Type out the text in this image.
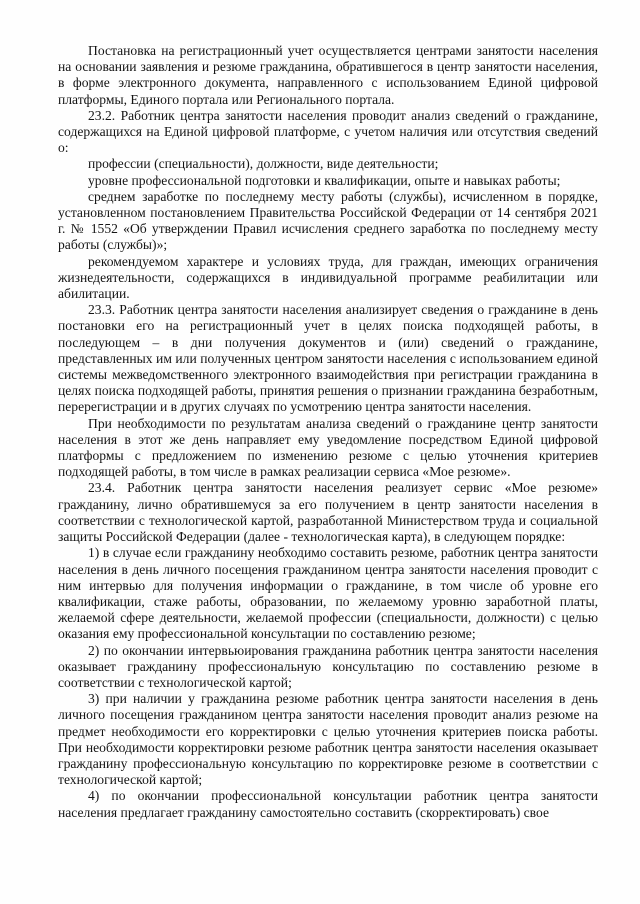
Постановка на регистрационный учет осуществляется центрами занятости населения на основании заявления и резюме гражданина, обратившегося в центр занятости населения, в форме электронного документа, направленного с использованием Единой цифровой платформы, Единого портала или Регионального портала.

23.2. Работник центра занятости населения проводит анализ сведений о гражданине, содержащихся на Единой цифровой платформе, с учетом наличия или отсутствия сведений о:

профессии (специальности), должности, виде деятельности;

уровне профессиональной подготовки и квалификации, опыте и навыках работы;

среднем заработке по последнему месту работы (службы), исчисленном в порядке, установленном постановлением Правительства Российской Федерации от 14 сентября 2021 г. № 1552 «Об утверждении Правил исчисления среднего заработка по последнему месту работы (службы)»;

рекомендуемом характере и условиях труда, для граждан, имеющих ограничения жизнедеятельности, содержащихся в индивидуальной программе реабилитации или абилитации.

23.3. Работник центра занятости населения анализирует сведения о гражданине в день постановки его на регистрационный учет в целях поиска подходящей работы, в последующем – в дни получения документов и (или) сведений о гражданине, представленных им или полученных центром занятости населения с использованием единой системы межведомственного электронного взаимодействия при регистрации гражданина в целях поиска подходящей работы, принятия решения о признании гражданина безработным, перерегистрации и в других случаях по усмотрению центра занятости населения.

При необходимости по результатам анализа сведений о гражданине центр занятости населения в этот же день направляет ему уведомление посредством Единой цифровой платформы с предложением по изменению резюме с целью уточнения критериев подходящей работы, в том числе в рамках реализации сервиса «Мое резюме».

23.4. Работник центра занятости населения реализует сервис «Мое резюме» гражданину, лично обратившемуся за его получением в центр занятости населения в соответствии с технологической картой, разработанной Министерством труда и социальной защиты Российской Федерации (далее - технологическая карта), в следующем порядке:

1) в случае если гражданину необходимо составить резюме, работник центра занятости населения в день личного посещения гражданином центра занятости населения проводит с ним интервью для получения информации о гражданине, в том числе об уровне его квалификации, стаже работы, образовании, по желаемому уровню заработной платы, желаемой сфере деятельности, желаемой профессии (специальности, должности) с целью оказания ему профессиональной консультации по составлению резюме;

2) по окончании интервьюирования гражданина работник центра занятости населения оказывает гражданину профессиональную консультацию по составлению резюме в соответствии с технологической картой;

3) при наличии у гражданина резюме работник центра занятости населения в день личного посещения гражданином центра занятости населения проводит анализ резюме на предмет необходимости его корректировки с целью уточнения критериев поиска работы. При необходимости корректировки резюме работник центра занятости населения оказывает гражданину профессиональную консультацию по корректировке резюме в соответствии с технологической картой;

4) по окончании профессиональной консультации работник центра занятости населения предлагает гражданину самостоятельно составить (скорректировать) свое
